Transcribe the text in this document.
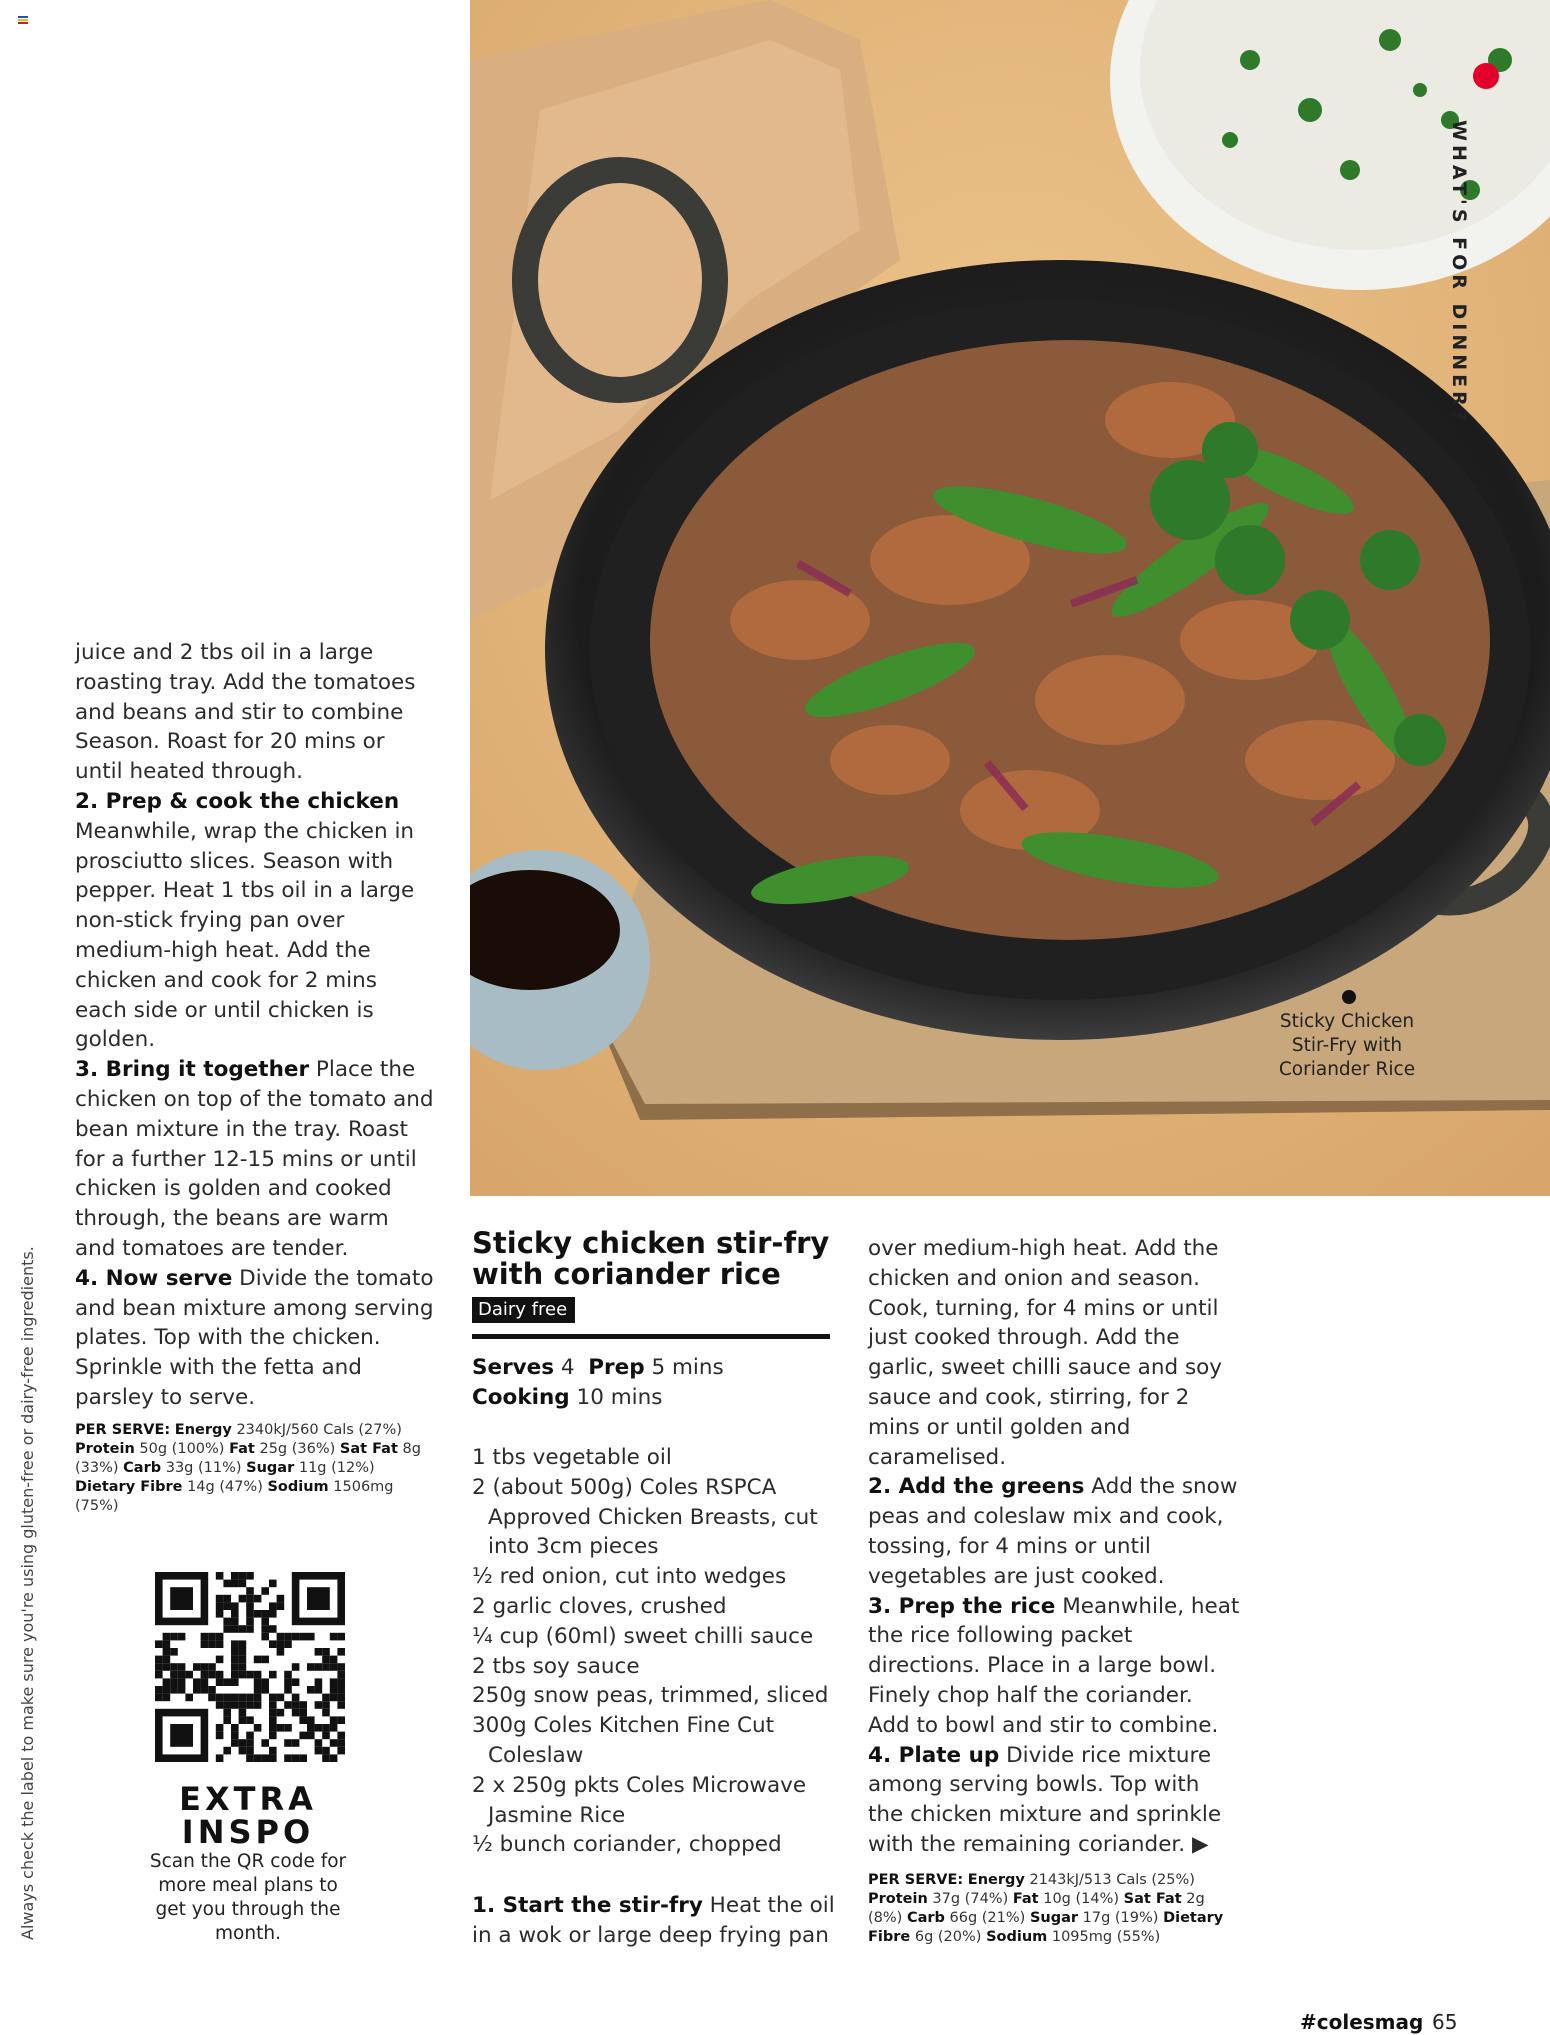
Always check the label to make sure you're using gluten-free or dairy-free ingredients.
WHAT'S FOR DINNER?
Sticky Chicken
Stir-Fry with
Coriander Rice

juice and 2 tbs oil in a large roasting tray. Add the tomatoes and beans and stir to combine Season. Roast for 20 mins or until heated through.

2. Prep & cook the chicken
Meanwhile, wrap the chicken in prosciutto slices. Season with pepper. Heat 1 tbs oil in a large non-stick frying pan over medium-high heat. Add the chicken and cook for 2 mins each side or until chicken is golden.

3. Bring it together Place the chicken on top of the tomato and bean mixture in the tray. Roast for a further 12-15 mins or until chicken is golden and cooked through, the beans are warm and tomatoes are tender.

4. Now serve Divide the tomato and bean mixture among serving plates. Top with the chicken. Sprinkle with the fetta and parsley to serve.

PER SERVE: Energy 2340kJ/560 Cals (27%) Protein 50g (100%) Fat 25g (36%) Sat Fat 8g (33%) Carb 33g (11%) Sugar 11g (12%) Dietary Fibre 14g (47%) Sodium 1506mg (75%)
EXTRA
INSPO
Scan the QR code for more meal plans to get you through the month.
Sticky chicken stir-fry with coriander rice
Dairy free
Serves 4 Prep 5 mins
Cooking 10 mins
1 tbs vegetable oil
2 (about 500g) Coles RSPCA Approved Chicken Breasts, cut into 3cm pieces
½ red onion, cut into wedges
2 garlic cloves, crushed
¼ cup (60ml) sweet chilli sauce
2 tbs soy sauce
250g snow peas, trimmed, sliced
300g Coles Kitchen Fine Cut Coleslaw
2 x 250g pkts Coles Microwave Jasmine Rice
½ bunch coriander, chopped
1. Start the stir-fry Heat the oil in a wok or large deep frying pan

over medium-high heat. Add the chicken and onion and season. Cook, turning, for 4 mins or until just cooked through. Add the garlic, sweet chilli sauce and soy sauce and cook, stirring, for 2 mins or until golden and caramelised.

2. Add the greens Add the snow peas and coleslaw mix and cook, tossing, for 4 mins or until vegetables are just cooked.

3. Prep the rice Meanwhile, heat the rice following packet directions. Place in a large bowl. Finely chop half the coriander. Add to bowl and stir to combine.

4. Plate up Divide rice mixture among serving bowls. Top with the chicken mixture and sprinkle with the remaining coriander. ▶

PER SERVE: Energy 2143kJ/513 Cals (25%) Protein 37g (74%) Fat 10g (14%) Sat Fat 2g (8%) Carb 66g (21%) Sugar 17g (19%) Dietary Fibre 6g (20%) Sodium 1095mg (55%)
#colesmag 65
